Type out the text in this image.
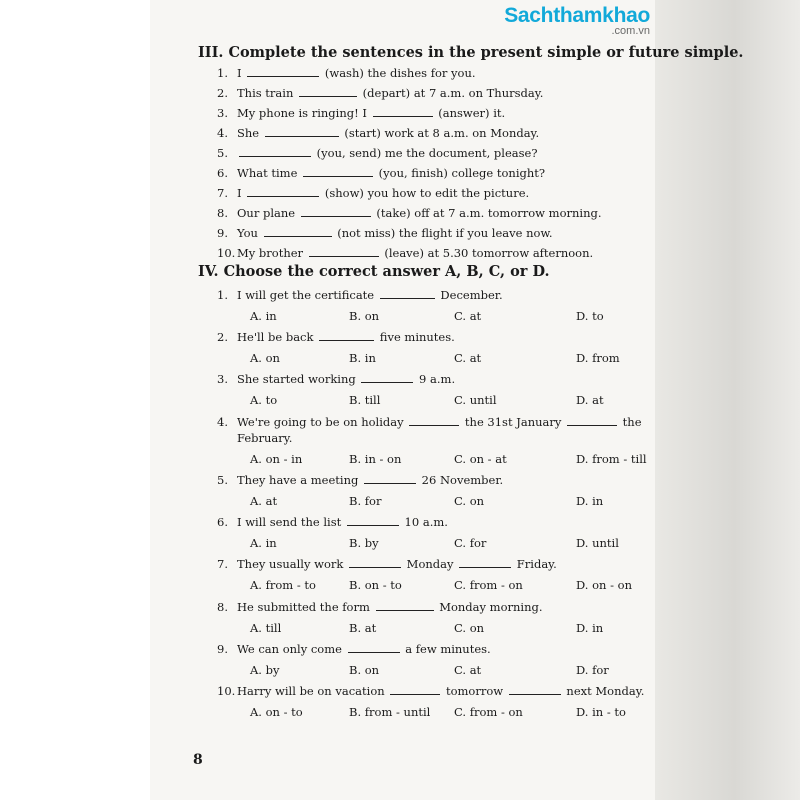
Sachthamkhao
.com.vn
III. Complete the sentences in the present simple or future simple.
1. I	(wash) the dishes for you.
2. This train	(depart) at 7 a.m. on Thursday.
3. My phone is ringing! I	(answer) it.
4. She	(start) work at 8 a.m. on Monday.
5.	(you, send) me the document, please?
6. What time	(you, finish) college tonight?
7. I	(show) you how to edit the picture.
8. Our plane	(take) off at 7 a.m. tomorrow morning.
9. You	(not miss) the flight if you leave now.
10. My brother	(leave) at 5.30 tomorrow afternoon.
IV. Choose the correct answer A, B, C, or D.
1. I will get the certificate	December.
A. in	B. on	C. at	D. to
2. He'll be back	five minutes.
A. on	B. in	C. at	D. from
3. She started working	9 a.m.
A. to	B. till	C. until	D. at
4. We're going to be on holiday	the 31st January	the
February.
A. on - in	B. in - on	C. on - at	D. from - till
5. They have a meeting	26 November.
A. at	B. for	C. on	D. in
6. I will send the list	10 a.m.
A. in	B. by	C. for	D. until
7. They usually work	Monday	Friday.
A. from - to	B. on - to	C. from - on	D. on - on
8. He submitted the form	Monday morning.
A. till	B. at	C. on	D. in
9. We can only come	a few minutes.
A. by	B. on	C. at	D. for
10. Harry will be on vacation	tomorrow	next Monday.
A. on - to	B. from - until C. from - on	D. in - to
8
